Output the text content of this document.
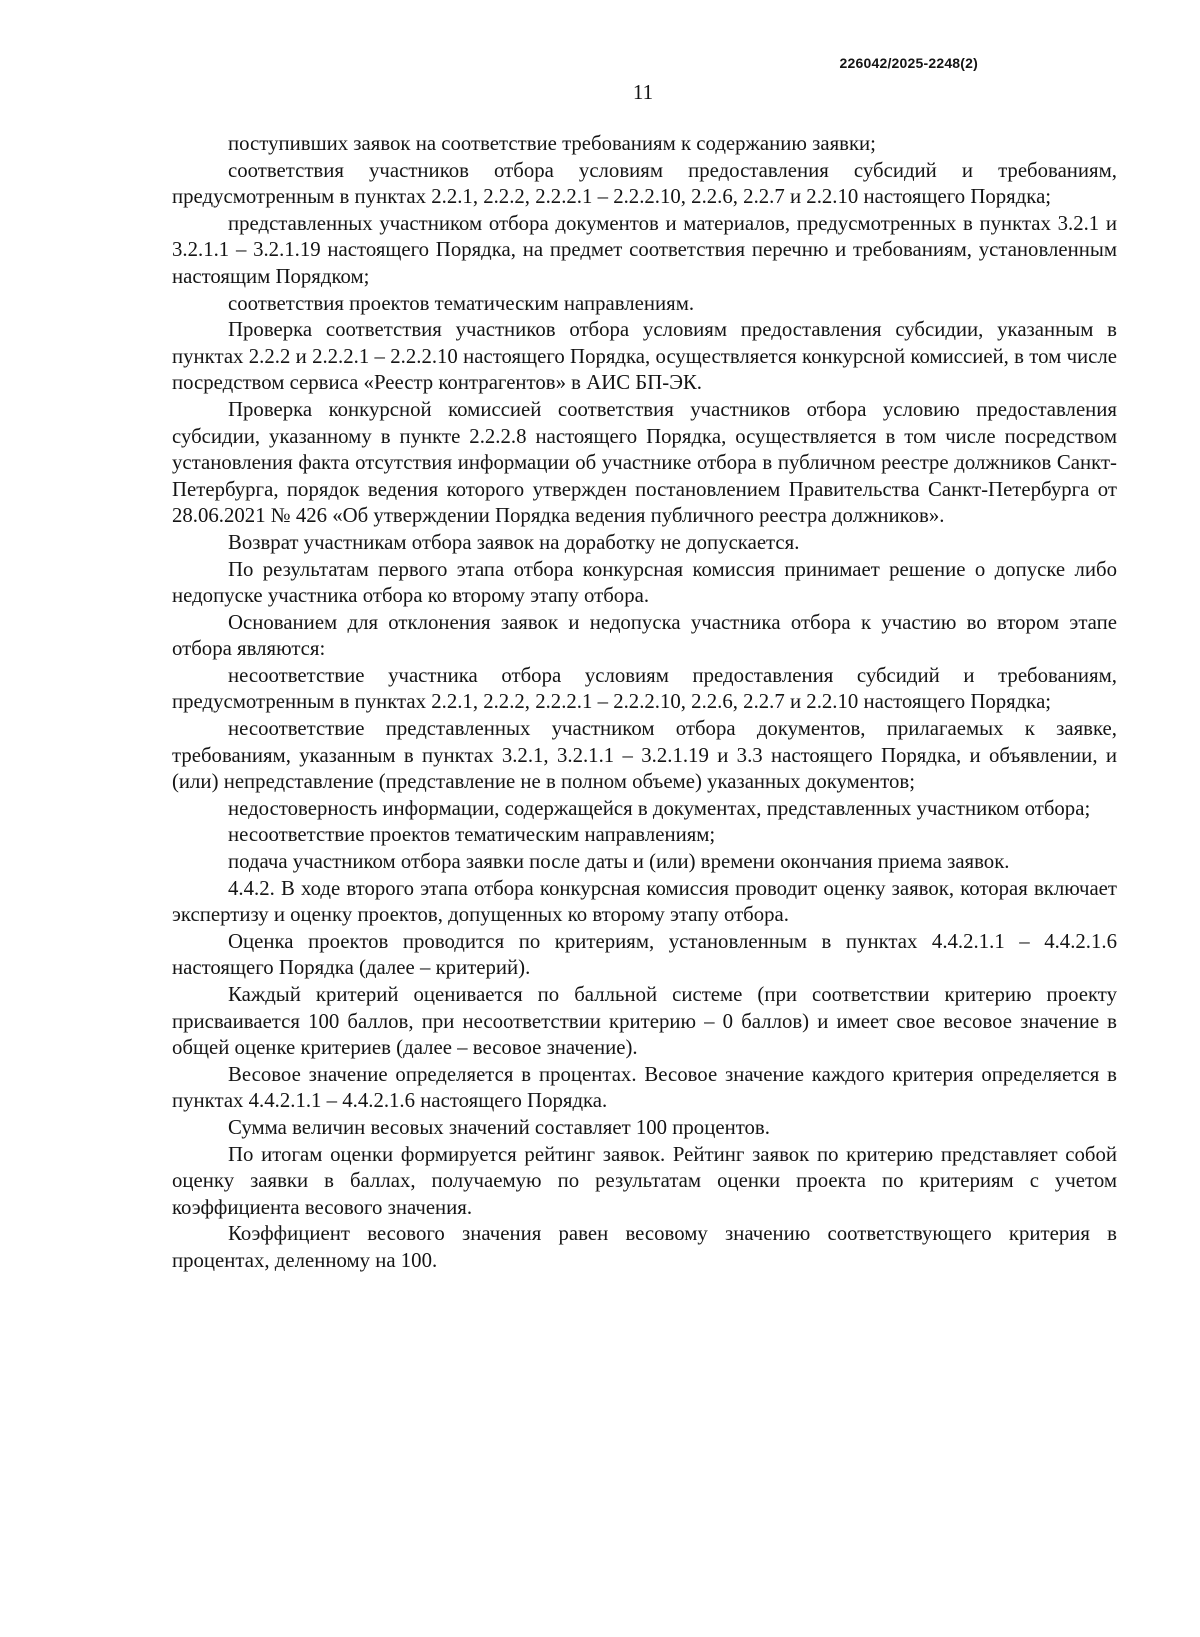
226042/2025-2248(2)
11

поступивших заявок на соответствие требованиям к содержанию заявки;

соответствия участников отбора условиям предоставления субсидий и требованиям, предусмотренным в пунктах 2.2.1, 2.2.2, 2.2.2.1 – 2.2.2.10, 2.2.6, 2.2.7 и 2.2.10 настоящего Порядка;

представленных участником отбора документов и материалов, предусмотренных в пунктах 3.2.1 и 3.2.1.1 – 3.2.1.19 настоящего Порядка, на предмет соответствия перечню и требованиям, установленным настоящим Порядком;

соответствия проектов тематическим направлениям.

Проверка соответствия участников отбора условиям предоставления субсидии, указанным в пунктах 2.2.2 и 2.2.2.1 – 2.2.2.10 настоящего Порядка, осуществляется конкурсной комиссией, в том числе посредством сервиса «Реестр контрагентов» в АИС БП-ЭК.

Проверка конкурсной комиссией соответствия участников отбора условию предоставления субсидии, указанному в пункте 2.2.2.8 настоящего Порядка, осуществляется в том числе посредством установления факта отсутствия информации об участнике отбора в публичном реестре должников Санкт-Петербурга, порядок ведения которого утвержден постановлением Правительства Санкт-Петербурга от 28.06.2021 № 426 «Об утверждении Порядка ведения публичного реестра должников».

Возврат участникам отбора заявок на доработку не допускается.

По результатам первого этапа отбора конкурсная комиссия принимает решение о допуске либо недопуске участника отбора ко второму этапу отбора.

Основанием для отклонения заявок и недопуска участника отбора к участию во втором этапе отбора являются:

несоответствие участника отбора условиям предоставления субсидий и требованиям, предусмотренным в пунктах 2.2.1, 2.2.2, 2.2.2.1 – 2.2.2.10, 2.2.6, 2.2.7 и 2.2.10 настоящего Порядка;

несоответствие представленных участником отбора документов, прилагаемых к заявке, требованиям, указанным в пунктах 3.2.1, 3.2.1.1 – 3.2.1.19 и 3.3 настоящего Порядка, и объявлении, и (или) непредставление (представление не в полном объеме) указанных документов;

недостоверность информации, содержащейся в документах, представленных участником отбора;

несоответствие проектов тематическим направлениям;

подача участником отбора заявки после даты и (или) времени окончания приема заявок.

4.4.2. В ходе второго этапа отбора конкурсная комиссия проводит оценку заявок, которая включает экспертизу и оценку проектов, допущенных ко второму этапу отбора.

Оценка проектов проводится по критериям, установленным в пунктах 4.4.2.1.1 – 4.4.2.1.6 настоящего Порядка (далее – критерий).

Каждый критерий оценивается по балльной системе (при соответствии критерию проекту присваивается 100 баллов, при несоответствии критерию – 0 баллов) и имеет свое весовое значение в общей оценке критериев (далее – весовое значение).

Весовое значение определяется в процентах. Весовое значение каждого критерия определяется в пунктах 4.4.2.1.1 – 4.4.2.1.6 настоящего Порядка.

Сумма величин весовых значений составляет 100 процентов.

По итогам оценки формируется рейтинг заявок. Рейтинг заявок по критерию представляет собой оценку заявки в баллах, получаемую по результатам оценки проекта по критериям с учетом коэффициента весового значения.

Коэффициент весового значения равен весовому значению соответствующего критерия в процентах, деленному на 100.
